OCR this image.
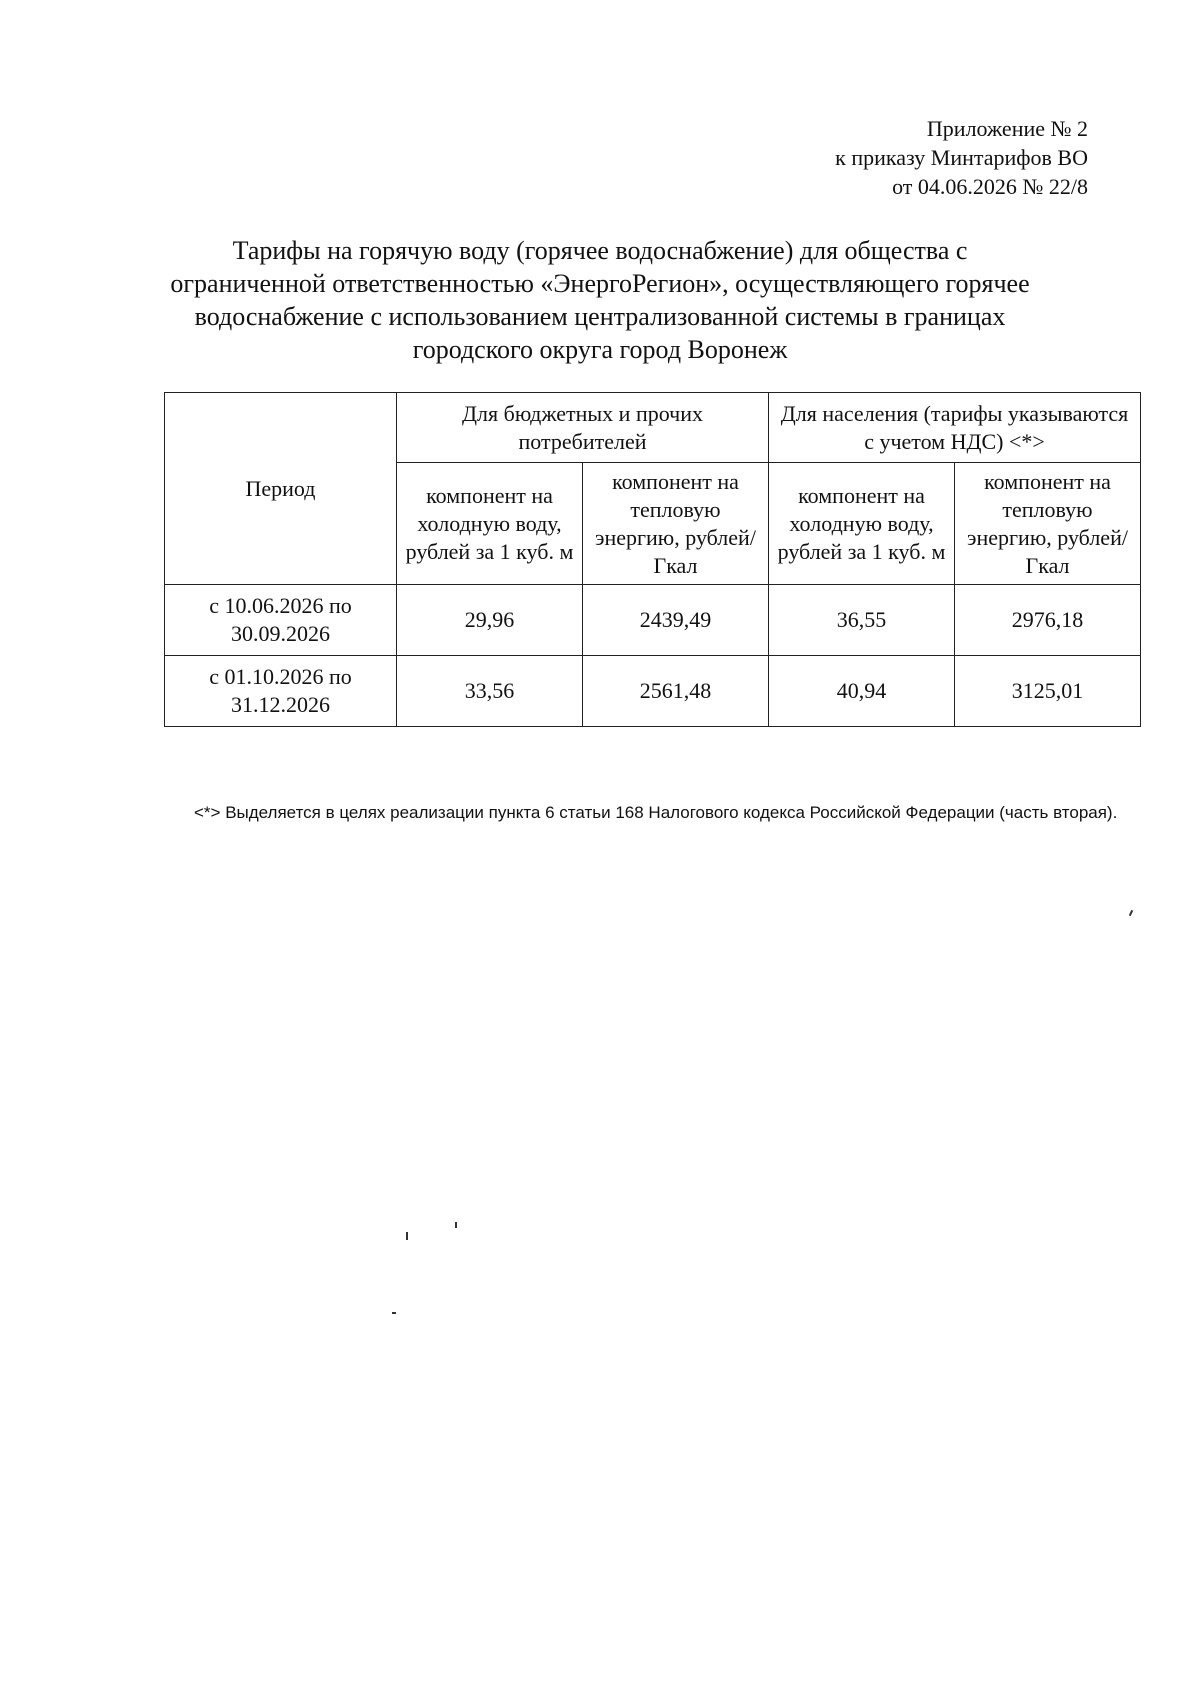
Приложение № 2
к приказу Минтарифов ВО
от 04.06.2026 № 22/8
Тарифы на горячую воду (горячее водоснабжение) для общества с
ограниченной ответственностью «ЭнергоРегион», осуществляющего горячее
водоснабжение с использованием централизованной системы в границах
городского округа город Воронеж
Период	Для бюджетных и прочих потребителей		Для населения (тарифы указываются с учетом НДС) <*>	
	компонент на холодную воду, рублей за 1 куб. м	компонент на тепловую энергию, рублей/Гкал	компонент на холодную воду, рублей за 1 куб. м	компонент на тепловую энергию, рублей/Гкал
с 10.06.2026 по 30.09.2026	29,96	2439,49	36,55	2976,18
с 01.10.2026 по 31.12.2026	33,56	2561,48	40,94	3125,01
<*> Выделяется в целях реализации пункта 6 статьи 168 Налогового кодекса Российской Федерации (часть вторая).
